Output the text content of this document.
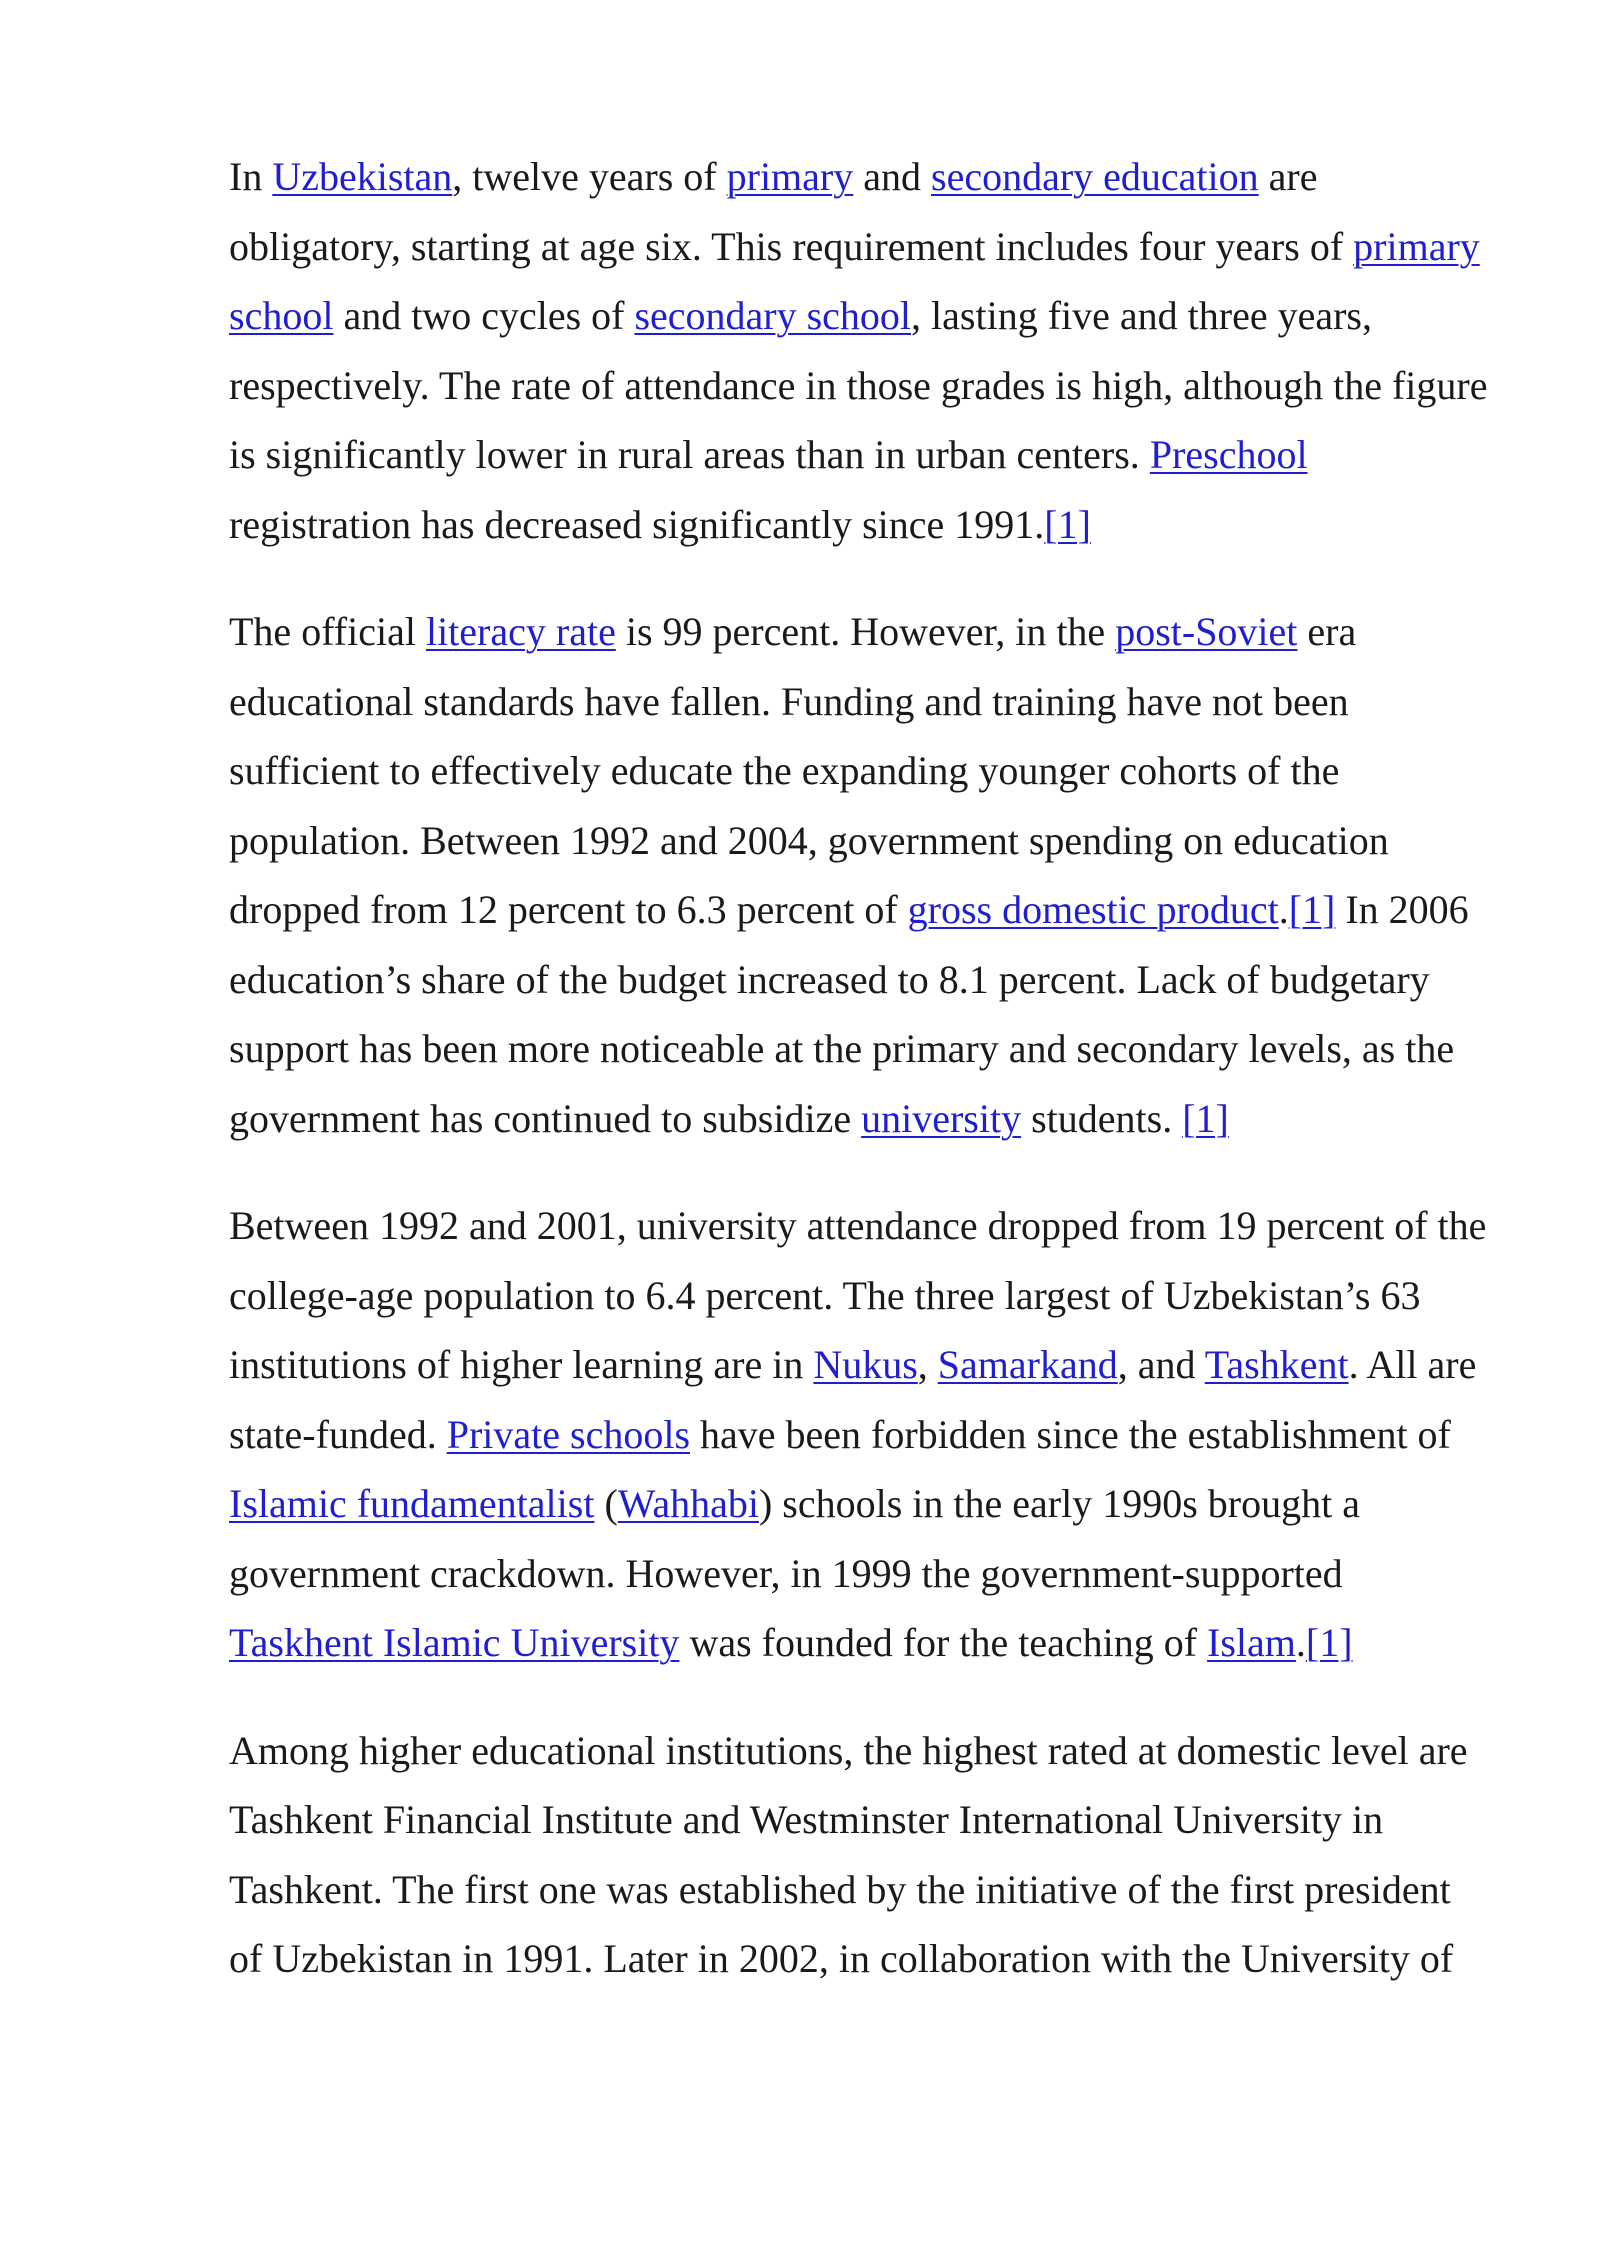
In Uzbekistan, twelve years of primary and secondary education are obligatory, starting at age six. This requirement includes four years of primary school and two cycles of secondary school, lasting five and three years, respectively. The rate of attendance in those grades is high, although the figure is significantly lower in rural areas than in urban centers. Preschool registration has decreased significantly since 1991.[1]

The official literacy rate is 99 percent. However, in the post-Soviet era educational standards have fallen. Funding and training have not been sufficient to effectively educate the expanding younger cohorts of the population. Between 1992 and 2004, government spending on education dropped from 12 percent to 6.3 percent of gross domestic product.[1] In 2006 education’s share of the budget increased to 8.1 percent. Lack of budgetary support has been more noticeable at the primary and secondary levels, as the government has continued to subsidize university students. [1]

Between 1992 and 2001, university attendance dropped from 19 percent of the college-age population to 6.4 percent. The three largest of Uzbekistan’s 63 institutions of higher learning are in Nukus, Samarkand, and Tashkent. All are state-funded. Private schools have been forbidden since the establishment of Islamic fundamentalist (Wahhabi) schools in the early 1990s brought a government crackdown. However, in 1999 the government-supported Taskhent Islamic University was founded for the teaching of Islam.[1]

Among higher educational institutions, the highest rated at domestic level are Tashkent Financial Institute and Westminster International University in Tashkent. The first one was established by the initiative of the first president of Uzbekistan in 1991. Later in 2002, in collaboration with the University of
